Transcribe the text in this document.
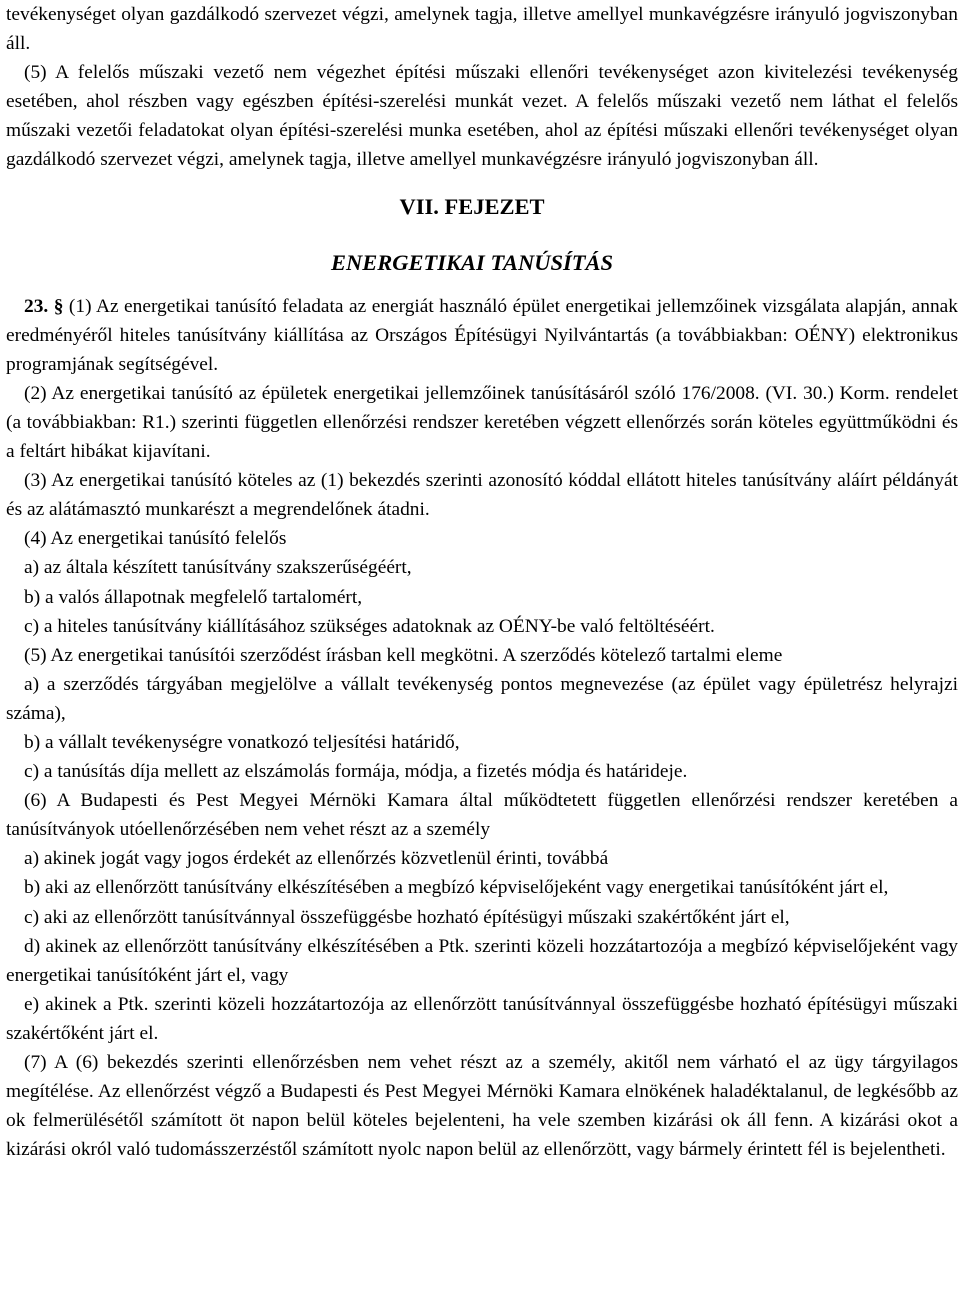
tevékenységet olyan gazdálkodó szervezet végzi, amelynek tagja, illetve amellyel munkavégzésre irányuló jogviszonyban áll.

(5) A felelős műszaki vezető nem végezhet építési műszaki ellenőri tevékenységet azon kivitelezési tevékenység esetében, ahol részben vagy egészben építési-szerelési munkát vezet. A felelős műszaki vezető nem láthat el felelős műszaki vezetői feladatokat olyan építési-szerelési munka esetében, ahol az építési műszaki ellenőri tevékenységet olyan gazdálkodó szervezet végzi, amelynek tagja, illetve amellyel munkavégzésre irányuló jogviszonyban áll.

VII. FEJEZET
ENERGETIKAI TANÚSÍTÁS

23. § (1) Az energetikai tanúsító feladata az energiát használó épület energetikai jellemzőinek vizsgálata alapján, annak eredményéről hiteles tanúsítvány kiállítása az Országos Építésügyi Nyilvántartás (a továbbiakban: OÉNY) elektronikus programjának segítségével.

(2) Az energetikai tanúsító az épületek energetikai jellemzőinek tanúsításáról szóló 176/2008. (VI. 30.) Korm. rendelet (a továbbiakban: R1.) szerinti független ellenőrzési rendszer keretében végzett ellenőrzés során köteles együttműködni és a feltárt hibákat kijavítani.

(3) Az energetikai tanúsító köteles az (1) bekezdés szerinti azonosító kóddal ellátott hiteles tanúsítvány aláírt példányát és az alátámasztó munkarészt a megrendelőnek átadni.

(4) Az energetikai tanúsító felelős

a) az általa készített tanúsítvány szakszerűségéért,

b) a valós állapotnak megfelelő tartalomért,

c) a hiteles tanúsítvány kiállításához szükséges adatoknak az OÉNY-be való feltöltéséért.

(5) Az energetikai tanúsítói szerződést írásban kell megkötni. A szerződés kötelező tartalmi eleme

a) a szerződés tárgyában megjelölve a vállalt tevékenység pontos megnevezése (az épület vagy épületrész helyrajzi száma),

b) a vállalt tevékenységre vonatkozó teljesítési határidő,

c) a tanúsítás díja mellett az elszámolás formája, módja, a fizetés módja és határideje.

(6) A Budapesti és Pest Megyei Mérnöki Kamara által működtetett független ellenőrzési rendszer keretében a tanúsítványok utóellenőrzésében nem vehet részt az a személy

a) akinek jogát vagy jogos érdekét az ellenőrzés közvetlenül érinti, továbbá

b) aki az ellenőrzött tanúsítvány elkészítésében a megbízó képviselőjeként vagy energetikai tanúsítóként járt el,

c) aki az ellenőrzött tanúsítvánnyal összefüggésbe hozható építésügyi műszaki szakértőként járt el,

d) akinek az ellenőrzött tanúsítvány elkészítésében a Ptk. szerinti közeli hozzátartozója a megbízó képviselőjeként vagy energetikai tanúsítóként járt el, vagy

e) akinek a Ptk. szerinti közeli hozzátartozója az ellenőrzött tanúsítvánnyal összefüggésbe hozható építésügyi műszaki szakértőként járt el.

(7) A (6) bekezdés szerinti ellenőrzésben nem vehet részt az a személy, akitől nem várható el az ügy tárgyilagos megítélése. Az ellenőrzést végző a Budapesti és Pest Megyei Mérnöki Kamara elnökének haladéktalanul, de legkésőbb az ok felmerülésétől számított öt napon belül köteles bejelenteni, ha vele szemben kizárási ok áll fenn. A kizárási okot a kizárási okról való tudomásszerzéstől számított nyolc napon belül az ellenőrzött, vagy bármely érintett fél is bejelentheti.
